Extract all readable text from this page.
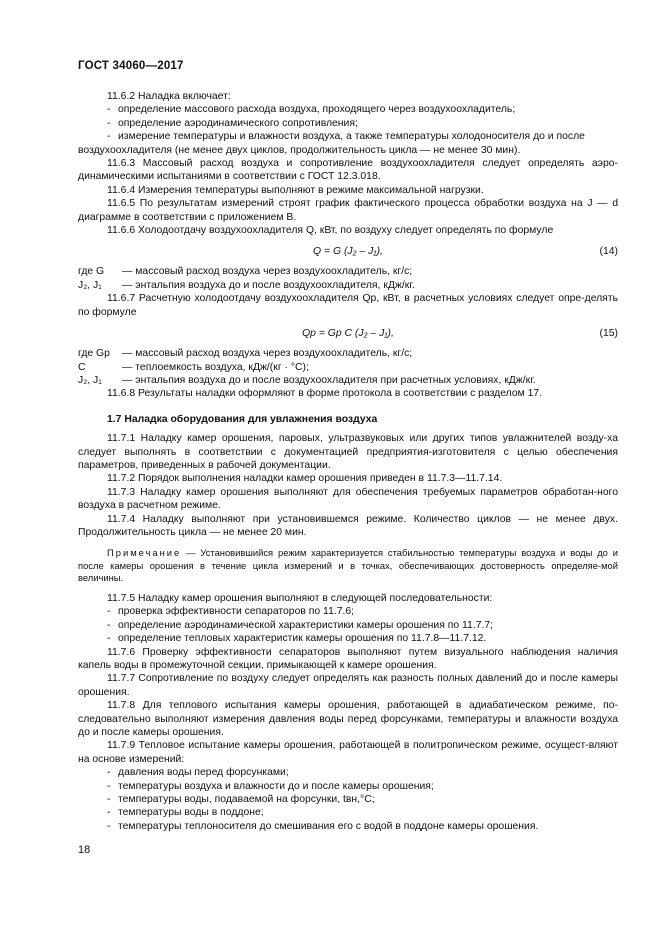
ГОСТ 34060—2017

11.6.2 Наладка включает:

- определение массового расхода воздуха, проходящего через воздухоохладитель;

- определение аэродинамического сопротивления;

- измерение температуры и влажности воздуха, а также температуры холодоносителя до и после

воздухоохладителя (не менее двух циклов, продолжительность цикла — не менее 30 мин).

11.6.3 Массовый расход воздуха и сопротивление воздухоохладителя следует определять аэро-динамическими испытаниями в соответствии с ГОСТ 12.3.018.

11.6.4 Измерения температуры выполняют в режиме максимальной нагрузки.

11.6.5 По результатам измерений строят график фактического процесса обработки воздуха на J — d диаграмме в соответствии с приложением В.

11.6.6 Холодоотдачу воздухоохладителя Q, кВт, по воздуху следует определять по формуле

Q = G (J₂ – J₁),	(14)
где G	— массовый расход воздуха через воздухоохладитель, кг/с;
J₂, J₁	— энтальпия воздуха до и после воздухоохладителя, кДж/кг.

11.6.7 Расчетную холодоотдачу воздухоохладителя Qр, кВт, в расчетных условиях следует опре-делять по формуле

Qр = Gр C (J₂ – J₁),	(15)
где Gр	— массовый расход воздуха через воздухоохладитель, кг/с;
C	— теплоемкость воздуха, кДж/(кг · °С);
J₂, J₁	— энтальпия воздуха до и после воздухоохладителя при расчетных условиях, кДж/кг.

11.6.8 Результаты наладки оформляют в форме протокола в соответствии с разделом 17.

1.7 Наладка оборудования для увлажнения воздуха

11.7.1 Наладку камер орошения, паровых, ультразвуковых или других типов увлажнителей возду-ха следует выполнять в соответствии с документацией предприятия-изготовителя с целью обеспечения параметров, приведенных в рабочей документации.

11.7.2 Порядок выполнения наладки камер орошения приведен в 11.7.3—11.7.14.

11.7.3 Наладку камер орошения выполняют для обеспечения требуемых параметров обработан-ного воздуха в расчетном режиме.

11.7.4 Наладку выполняют при установившемся режиме. Количество циклов — не менее двух. Продолжительность цикла — не менее 20 мин.

Примечание — Установившийся режим характеризуется стабильностью температуры воздуха и воды до и после камеры орошения в течение цикла измерений и в точках, обеспечивающих достоверность определяе-мой величины.

11.7.5 Наладку камер орошения выполняют в следующей последовательности:

- проверка эффективности сепараторов по 11.7.6;

- определение аэродинамической характеристики камеры орошения по 11.7.7;

- определение тепловых характеристик камеры орошения по 11.7.8—11.7.12.

11.7.6 Проверку эффективности сепараторов выполняют путем визуального наблюдения наличия капель воды в промежуточной секции, примыкающей к камере орошения.

11.7.7 Сопротивление по воздуху следует определять как разность полных давлений до и после камеры орошения.

11.7.8 Для теплового испытания камеры орошения, работающей в адиабатическом режиме, по-следовательно выполняют измерения давления воды перед форсунками, температуры и влажности воздуха до и после камеры орошения.

11.7.9 Тепловое испытание камеры орошения, работающей в политропическом режиме, осущест-вляют на основе измерений:

- давления воды перед форсунками;

- температуры воздуха и влажности до и после камеры орошения;

- температуры воды, подаваемой на форсунки, tвн,°С;

- температуры воды в поддоне;

- температуры теплоносителя до смешивания его с водой в поддоне камеры орошения.

18
